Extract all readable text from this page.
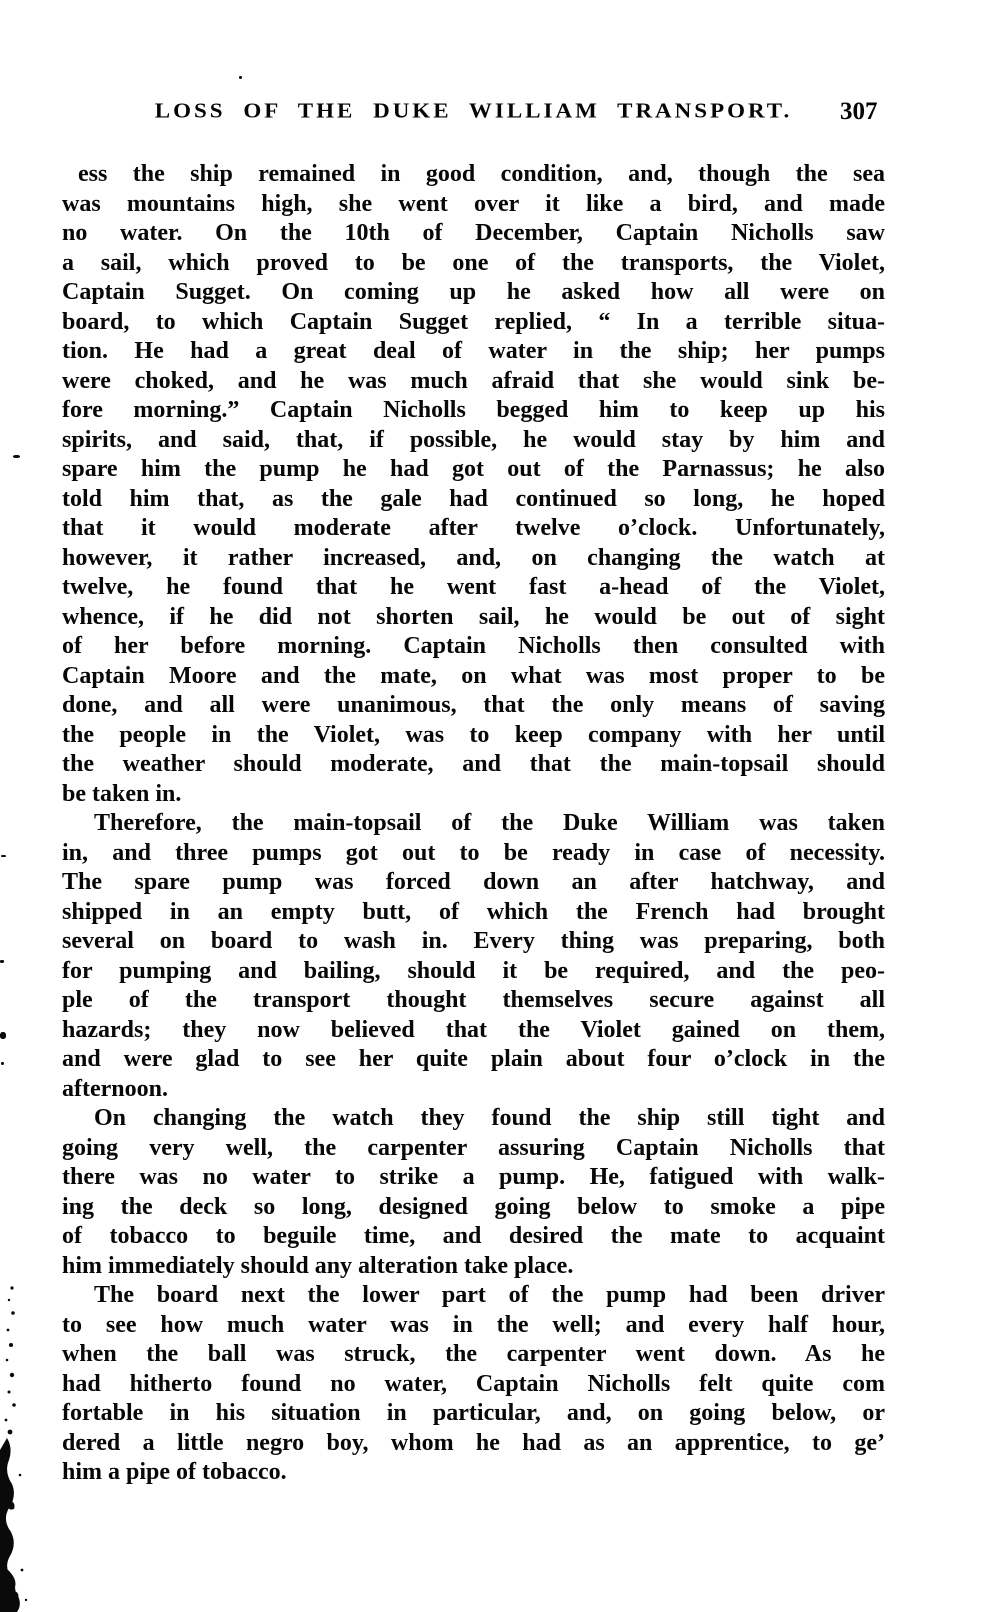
LOSS OF THE DUKE WILLIAM TRANSPORT.	307
ess the ship remained in good condition, and, though the sea
was mountains high, she went over it like a bird, and made
no water. On the 10th of December, Captain Nicholls saw
a sail, which proved to be one of the transports, the Violet,
Captain Sugget. On coming up he asked how all were on
board, to which Captain Sugget replied, “ In a terrible situa-
tion. He had a great deal of water in the ship; her pumps
were choked, and he was much afraid that she would sink be-
fore morning.” Captain Nicholls begged him to keep up his
spirits, and said, that, if possible, he would stay by him and
spare him the pump he had got out of the Parnassus; he also
told him that, as the gale had continued so long, he hoped
that it would moderate after twelve o’clock. Unfortunately,
however, it rather increased, and, on changing the watch at
twelve, he found that he went fast a-head of the Violet,
whence, if he did not shorten sail, he would be out of sight
of her before morning. Captain Nicholls then consulted with
Captain Moore and the mate, on what was most proper to be
done, and all were unanimous, that the only means of saving
the people in the Violet, was to keep company with her until
the weather should moderate, and that the main-topsail should
be taken in.
Therefore, the main-topsail of the Duke William was taken
in, and three pumps got out to be ready in case of necessity.
The spare pump was forced down an after hatchway, and
shipped in an empty butt, of which the French had brought
several on board to wash in. Every thing was preparing, both
for pumping and bailing, should it be required, and the peo-
ple of the transport thought themselves secure against all
hazards; they now believed that the Violet gained on them,
and were glad to see her quite plain about four o’clock in the
afternoon.
On changing the watch they found the ship still tight and
going very well, the carpenter assuring Captain Nicholls that
there was no water to strike a pump. He, fatigued with walk-
ing the deck so long, designed going below to smoke a pipe
of tobacco to beguile time, and desired the mate to acquaint
him immediately should any alteration take place.
The board next the lower part of the pump had been driver
to see how much water was in the well; and every half hour,
when the ball was struck, the carpenter went down. As he
had hitherto found no water, Captain Nicholls felt quite com
fortable in his situation in particular, and, on going below, or
dered a little negro boy, whom he had as an apprentice, to ge’
him a pipe of tobacco.
